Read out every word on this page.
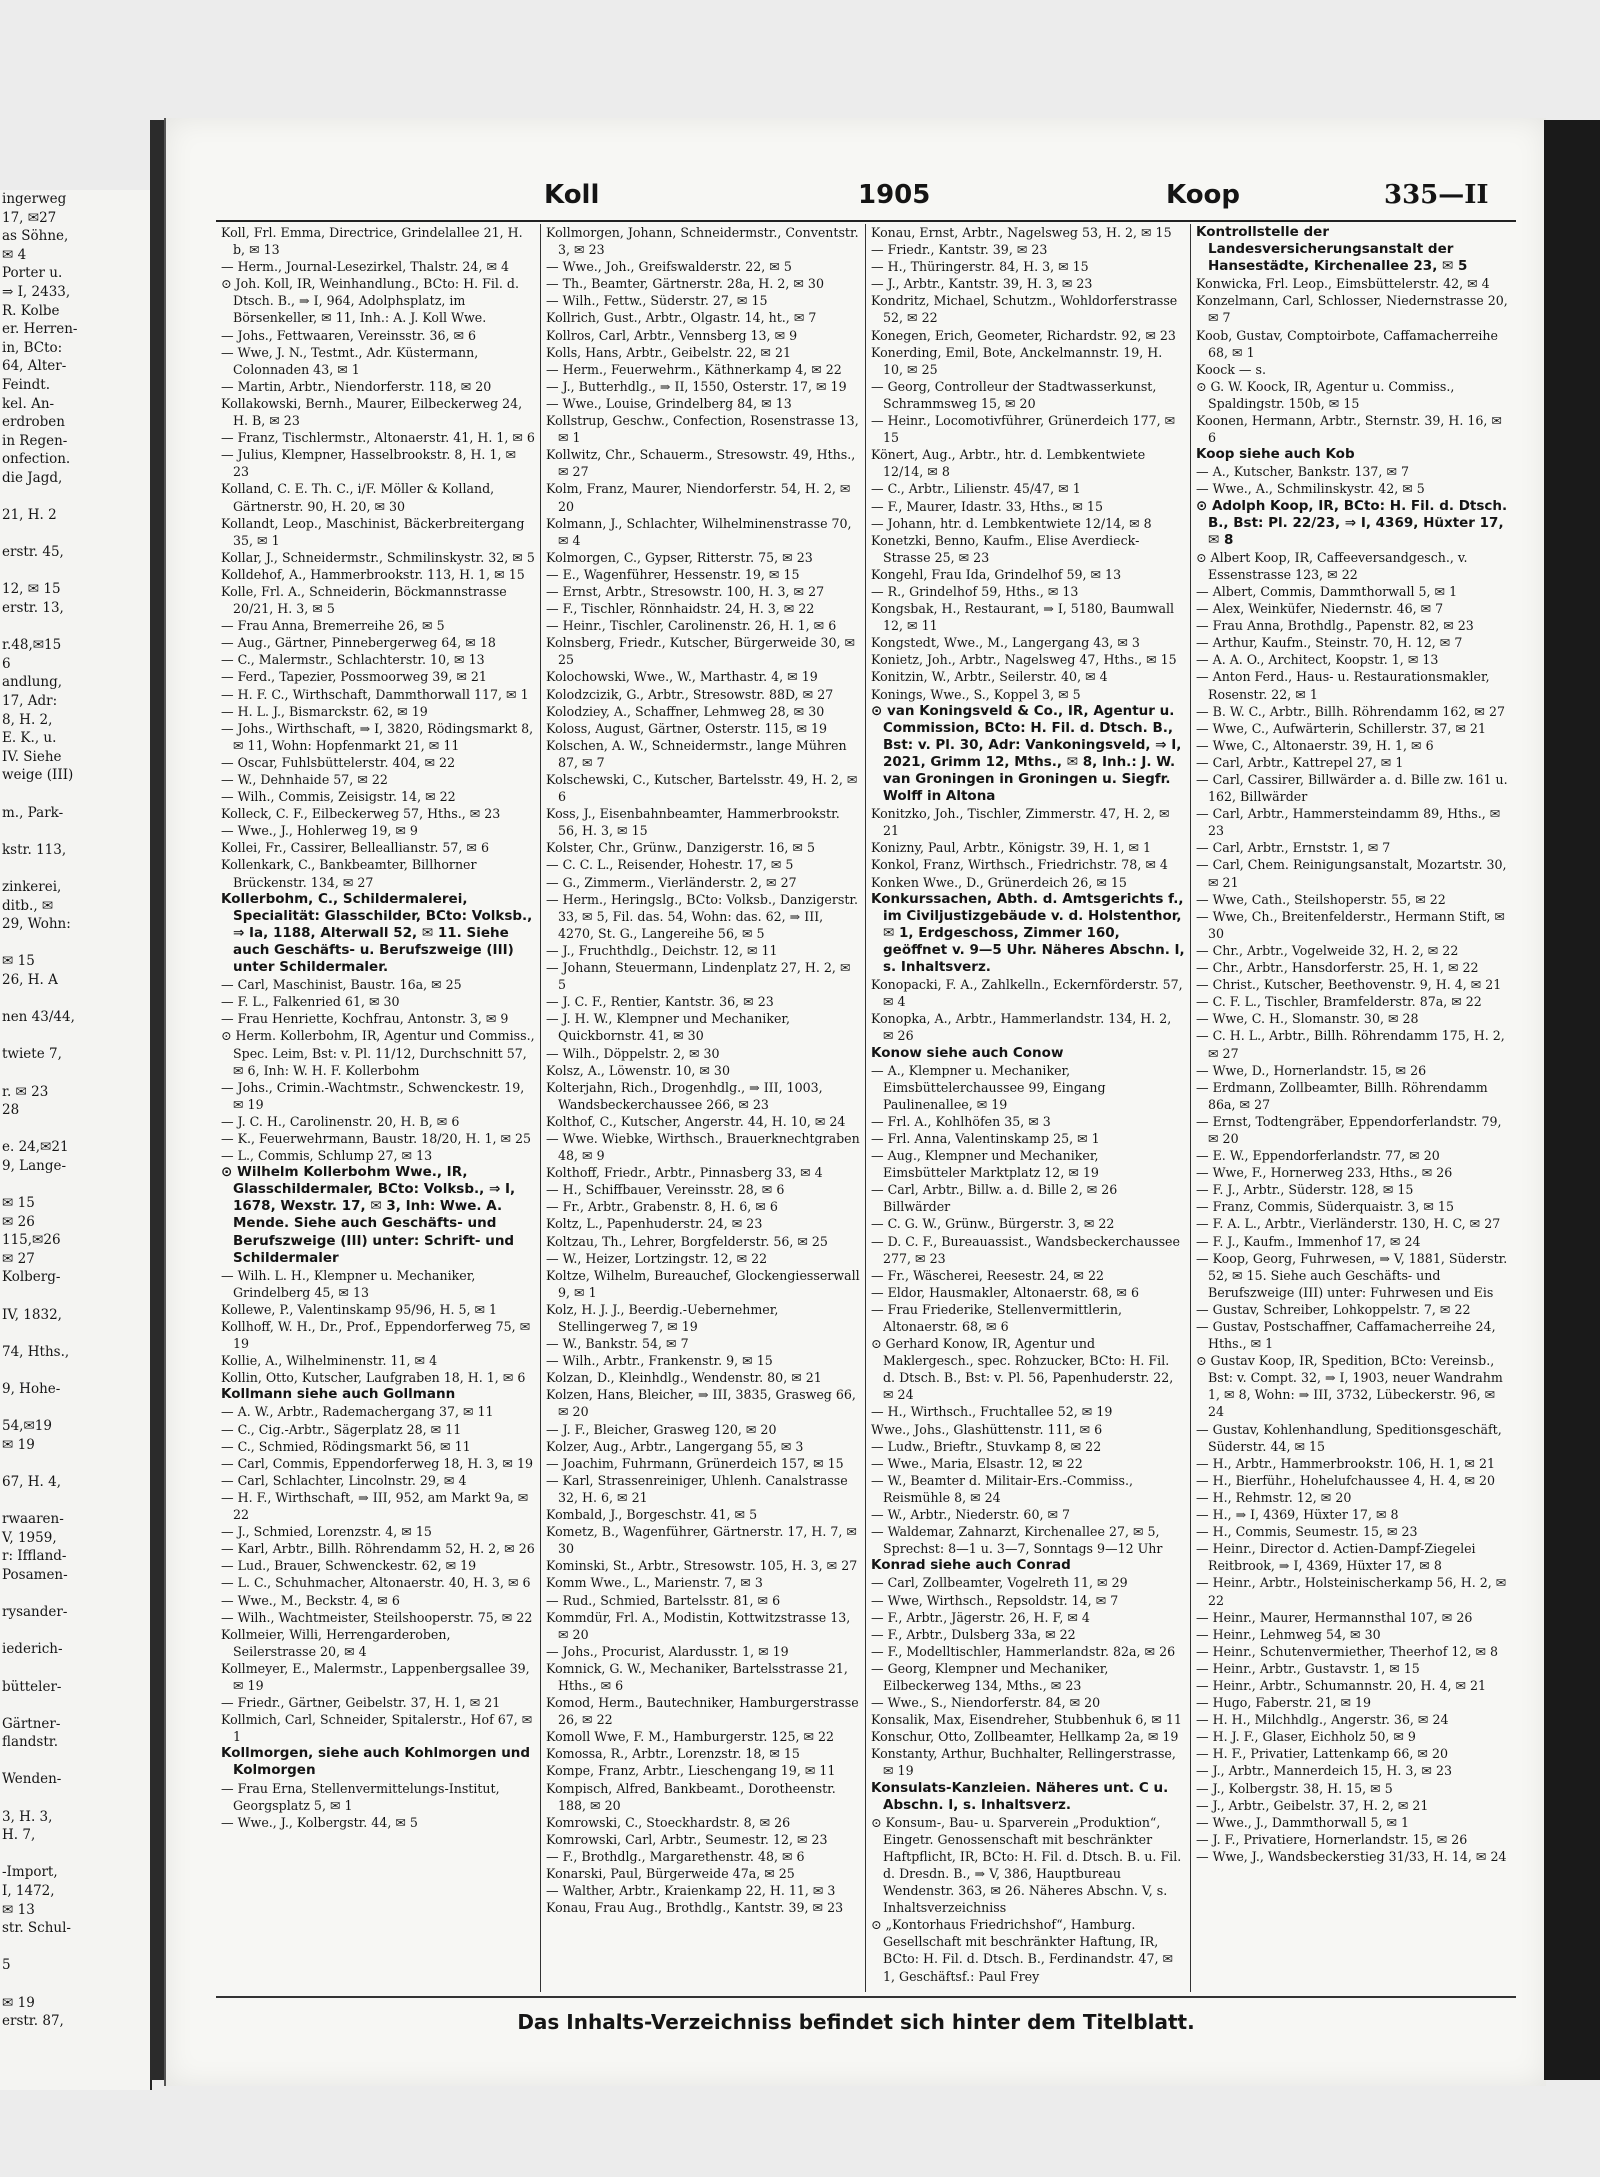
ingerweg
17, ✉27
as Söhne,
✉ 4
Porter u.
⇒ I, 2433,
R. Kolbe
er. Herren-
in, BCto:
64, Alter-
Feindt.
kel. An-
erdroben
in Regen-
onfection.
die Jagd,

21, H. 2

erstr. 45,

12, ✉ 15
erstr. 13,

r.48,✉15
6
andlung,
17, Adr:
8, H. 2,
E. K., u.
IV. Siehe
weige (III)

m., Park-

kstr. 113,

zinkerei,
ditb., ✉
29, Wohn:

✉ 15
26, H. A

nen 43/44,

twiete 7,

r. ✉ 23
28

e. 24,✉21
9, Lange-

✉ 15
✉ 26
115,✉26
✉ 27
Kolberg-

IV, 1832,

74, Hths.,

9, Hohe-

54,✉19
✉ 19

67, H. 4,

rwaaren-
V, 1959,
r: Iffland-
Posamen-

rysander-

iederich-

bütteler-

Gärtner-
flandstr.

Wenden-

3, H. 3,
H. 7,

-Import,
I, 1472,
✉ 13
str. Schul-

5

✉ 19
erstr. 87,
Koll	1905	Koop	335—II

Koll, Frl. Emma, Directrice, Grindelallee 21, H. b, ✉ 13

— Herm., Journal-Lesezirkel, Thalstr. 24, ✉ 4

⊙ Joh. Koll, IR, Weinhandlung., BCto: H. Fil. d. Dtsch. B., ⇒ I, 964, Adolphsplatz, im Börsenkeller, ✉ 11, Inh.: A. J. Koll Wwe.

— Johs., Fettwaaren, Vereinsstr. 36, ✉ 6

— Wwe, J. N., Testmt., Adr. Küstermann, Colonnaden 43, ✉ 1

— Martin, Arbtr., Niendorferstr. 118, ✉ 20

Kollakowski, Bernh., Maurer, Eilbeckerweg 24, H. B, ✉ 23

— Franz, Tischlermstr., Altonaerstr. 41, H. 1, ✉ 6

— Julius, Klempner, Hasselbrookstr. 8, H. 1, ✉ 23

Kolland, C. E. Th. C., i/F. Möller & Kolland, Gärtnerstr. 90, H. 20, ✉ 30

Kollandt, Leop., Maschinist, Bäckerbreitergang 35, ✉ 1

Kollar, J., Schneidermstr., Schmilinskystr. 32, ✉ 5

Kolldehof, A., Hammerbrookstr. 113, H. 1, ✉ 15

Kolle, Frl. A., Schneiderin, Böckmannstrasse 20/21, H. 3, ✉ 5

— Frau Anna, Bremerreihe 26, ✉ 5

— Aug., Gärtner, Pinnebergerweg 64, ✉ 18

— C., Malermstr., Schlachterstr. 10, ✉ 13

— Ferd., Tapezier, Possmoorweg 39, ✉ 21

— H. F. C., Wirthschaft, Dammthorwall 117, ✉ 1

— H. L. J., Bismarckstr. 62, ✉ 19

— Johs., Wirthschaft, ⇒ I, 3820, Rödingsmarkt 8, ✉ 11, Wohn: Hopfenmarkt 21, ✉ 11

— Oscar, Fuhlsbüttelerstr. 404, ✉ 22

— W., Dehnhaide 57, ✉ 22

— Wilh., Commis, Zeisigstr. 14, ✉ 22

Kolleck, C. F., Eilbeckerweg 57, Hths., ✉ 23

— Wwe., J., Hohlerweg 19, ✉ 9

Kollei, Fr., Cassirer, Belleallianstr. 57, ✉ 6

Kollenkark, C., Bankbeamter, Billhorner Brückenstr. 134, ✉ 27

Kollerbohm, C., Schildermalerei, Specialität: Glasschilder, BCto: Volksb., ⇒ Ia, 1188, Alterwall 52, ✉ 11. Siehe auch Geschäfts- u. Berufszweige (III) unter Schildermaler.

— Carl, Maschinist, Baustr. 16a, ✉ 25

— F. L., Falkenried 61, ✉ 30

— Frau Henriette, Kochfrau, Antonstr. 3, ✉ 9

⊙ Herm. Kollerbohm, IR, Agentur und Commiss., Spec. Leim, Bst: v. Pl. 11/12, Durchschnitt 57, ✉ 6, Inh: W. H. F. Kollerbohm

— Johs., Crimin.-Wachtmstr., Schwenckestr. 19, ✉ 19

— J. C. H., Carolinenstr. 20, H. B, ✉ 6

— K., Feuerwehrmann, Baustr. 18/20, H. 1, ✉ 25

— L., Commis, Schlump 27, ✉ 13

⊙ Wilhelm Kollerbohm Wwe., IR, Glasschildermaler, BCto: Volksb., ⇒ I, 1678, Wexstr. 17, ✉ 3, Inh: Wwe. A. Mende. Siehe auch Geschäfts- und Berufszweige (III) unter: Schrift- und Schildermaler

— Wilh. L. H., Klempner u. Mechaniker, Grindelberg 45, ✉ 13

Kollewe, P., Valentinskamp 95/96, H. 5, ✉ 1

Kollhoff, W. H., Dr., Prof., Eppendorferweg 75, ✉ 19

Kollie, A., Wilhelminenstr. 11, ✉ 4

Kollin, Otto, Kutscher, Laufgraben 18, H. 1, ✉ 6

Kollmann siehe auch Gollmann

— A. W., Arbtr., Rademachergang 37, ✉ 11

— C., Cig.-Arbtr., Sägerplatz 28, ✉ 11

— C., Schmied, Rödingsmarkt 56, ✉ 11

— Carl, Commis, Eppendorferweg 18, H. 3, ✉ 19

— Carl, Schlachter, Lincolnstr. 29, ✉ 4

— H. F., Wirthschaft, ⇒ III, 952, am Markt 9a, ✉ 22

— J., Schmied, Lorenzstr. 4, ✉ 15

— Karl, Arbtr., Billh. Röhrendamm 52, H. 2, ✉ 26

— Lud., Brauer, Schwenckestr. 62, ✉ 19

— L. C., Schuhmacher, Altonaerstr. 40, H. 3, ✉ 6

— Wwe., M., Beckstr. 4, ✉ 6

— Wilh., Wachtmeister, Steilshooperstr. 75, ✉ 22

Kollmeier, Willi, Herrengarderoben, Seilerstrasse 20, ✉ 4

Kollmeyer, E., Malermstr., Lappenbergsallee 39, ✉ 19

— Friedr., Gärtner, Geibelstr. 37, H. 1, ✉ 21

Kollmich, Carl, Schneider, Spitalerstr., Hof 67, ✉ 1

Kollmorgen, siehe auch Kohlmorgen und Kolmorgen

— Frau Erna, Stellenvermittelungs-Institut, Georgsplatz 5, ✉ 1

— Wwe., J., Kolbergstr. 44, ✉ 5

Kollmorgen, Johann, Schneidermstr., Conventstr. 3, ✉ 23

— Wwe., Joh., Greifswalderstr. 22, ✉ 5

— Th., Beamter, Gärtnerstr. 28a, H. 2, ✉ 30

— Wilh., Fettw., Süderstr. 27, ✉ 15

Kollrich, Gust., Arbtr., Olgastr. 14, ht., ✉ 7

Kollros, Carl, Arbtr., Vennsberg 13, ✉ 9

Kolls, Hans, Arbtr., Geibelstr. 22, ✉ 21

— Herm., Feuerwehrm., Käthnerkamp 4, ✉ 22

— J., Butterhdlg., ⇒ II, 1550, Osterstr. 17, ✉ 19

— Wwe., Louise, Grindelberg 84, ✉ 13

Kollstrup, Geschw., Confection, Rosenstrasse 13, ✉ 1

Kollwitz, Chr., Schauerm., Stresowstr. 49, Hths., ✉ 27

Kolm, Franz, Maurer, Niendorferstr. 54, H. 2, ✉ 20

Kolmann, J., Schlachter, Wilhelminenstrasse 70, ✉ 4

Kolmorgen, C., Gypser, Ritterstr. 75, ✉ 23

— E., Wagenführer, Hessenstr. 19, ✉ 15

— Ernst, Arbtr., Stresowstr. 100, H. 3, ✉ 27

— F., Tischler, Rönnhaidstr. 24, H. 3, ✉ 22

— Heinr., Tischler, Carolinenstr. 26, H. 1, ✉ 6

Kolnsberg, Friedr., Kutscher, Bürgerweide 30, ✉ 25

Kolochowski, Wwe., W., Marthastr. 4, ✉ 19

Kolodzcizik, G., Arbtr., Stresowstr. 88D, ✉ 27

Kolodziey, A., Schaffner, Lehmweg 28, ✉ 30

Koloss, August, Gärtner, Osterstr. 115, ✉ 19

Kolschen, A. W., Schneidermstr., lange Mühren 87, ✉ 7

Kolschewski, C., Kutscher, Bartelsstr. 49, H. 2, ✉ 6

Koss, J., Eisenbahnbeamter, Hammerbrookstr. 56, H. 3, ✉ 15

Kolster, Chr., Grünw., Danzigerstr. 16, ✉ 5

— C. C. L., Reisender, Hohestr. 17, ✉ 5

— G., Zimmerm., Vierländerstr. 2, ✉ 27

— Herm., Heringslg., BCto: Volksb., Danzigerstr. 33, ✉ 5, Fil. das. 54, Wohn: das. 62, ⇒ III, 4270, St. G., Langereihe 56, ✉ 5

— J., Fruchthdlg., Deichstr. 12, ✉ 11

— Johann, Steuermann, Lindenplatz 27, H. 2, ✉ 5

— J. C. F., Rentier, Kantstr. 36, ✉ 23

— J. H. W., Klempner und Mechaniker, Quickbornstr. 41, ✉ 30

— Wilh., Döppelstr. 2, ✉ 30

Kolsz, A., Löwenstr. 10, ✉ 30

Kolterjahn, Rich., Drogenhdlg., ⇒ III, 1003, Wandsbeckerchaussee 266, ✉ 23

Kolthof, C., Kutscher, Angerstr. 44, H. 10, ✉ 24

— Wwe. Wiebke, Wirthsch., Brauerknechtgraben 48, ✉ 9

Kolthoff, Friedr., Arbtr., Pinnasberg 33, ✉ 4

— H., Schiffbauer, Vereinsstr. 28, ✉ 6

— Fr., Arbtr., Grabenstr. 8, H. 6, ✉ 6

Koltz, L., Papenhuderstr. 24, ✉ 23

Koltzau, Th., Lehrer, Borgfelderstr. 56, ✉ 25

— W., Heizer, Lortzingstr. 12, ✉ 22

Koltze, Wilhelm, Bureauchef, Glockengiesserwall 9, ✉ 1

Kolz, H. J. J., Beerdig.-Uebernehmer, Stellingerweg 7, ✉ 19

— W., Bankstr. 54, ✉ 7

— Wilh., Arbtr., Frankenstr. 9, ✉ 15

Kolzan, D., Kleinhdlg., Wendenstr. 80, ✉ 21

Kolzen, Hans, Bleicher, ⇒ III, 3835, Grasweg 66, ✉ 20

— J. F., Bleicher, Grasweg 120, ✉ 20

Kolzer, Aug., Arbtr., Langergang 55, ✉ 3

— Joachim, Fuhrmann, Grünerdeich 157, ✉ 15

— Karl, Strassenreiniger, Uhlenh. Canalstrasse 32, H. 6, ✉ 21

Kombald, J., Borgeschstr. 41, ✉ 5

Kometz, B., Wagenführer, Gärtnerstr. 17, H. 7, ✉ 30

Kominski, St., Arbtr., Stresowstr. 105, H. 3, ✉ 27

Komm Wwe., L., Marienstr. 7, ✉ 3

— Rud., Schmied, Bartelsstr. 81, ✉ 6

Kommdür, Frl. A., Modistin, Kottwitzstrasse 13, ✉ 20

— Johs., Procurist, Alardusstr. 1, ✉ 19

Komnick, G. W., Mechaniker, Bartelsstrasse 21, Hths., ✉ 6

Komod, Herm., Bautechniker, Hamburgerstrasse 26, ✉ 22

Komoll Wwe, F. M., Hamburgerstr. 125, ✉ 22

Komossa, R., Arbtr., Lorenzstr. 18, ✉ 15

Kompe, Franz, Arbtr., Lieschengang 19, ✉ 11

Kompisch, Alfred, Bankbeamt., Dorotheenstr. 188, ✉ 20

Komrowski, C., Stoeckhardstr. 8, ✉ 26

Komrowski, Carl, Arbtr., Seumestr. 12, ✉ 23

— F., Brothdlg., Margarethenstr. 48, ✉ 6

Konarski, Paul, Bürgerweide 47a, ✉ 25

— Walther, Arbtr., Kraienkamp 22, H. 11, ✉ 3

Konau, Frau Aug., Brothdlg., Kantstr. 39, ✉ 23

Konau, Ernst, Arbtr., Nagelsweg 53, H. 2, ✉ 15

— Friedr., Kantstr. 39, ✉ 23

— H., Thüringerstr. 84, H. 3, ✉ 15

— J., Arbtr., Kantstr. 39, H. 3, ✉ 23

Kondritz, Michael, Schutzm., Wohldorferstrasse 52, ✉ 22

Konegen, Erich, Geometer, Richardstr. 92, ✉ 23

Konerding, Emil, Bote, Anckelmannstr. 19, H. 10, ✉ 25

— Georg, Controlleur der Stadtwasserkunst, Schrammsweg 15, ✉ 20

— Heinr., Locomotivführer, Grünerdeich 177, ✉ 15

Könert, Aug., Arbtr., htr. d. Lembkentwiete 12/14, ✉ 8

— C., Arbtr., Lilienstr. 45/47, ✉ 1

— F., Maurer, Idastr. 33, Hths., ✉ 15

— Johann, htr. d. Lembkentwiete 12/14, ✉ 8

Konetzki, Benno, Kaufm., Elise Averdieck-Strasse 25, ✉ 23

Kongehl, Frau Ida, Grindelhof 59, ✉ 13

— R., Grindelhof 59, Hths., ✉ 13

Kongsbak, H., Restaurant, ⇒ I, 5180, Baumwall 12, ✉ 11

Kongstedt, Wwe., M., Langergang 43, ✉ 3

Konietz, Joh., Arbtr., Nagelsweg 47, Hths., ✉ 15

Konitzin, W., Arbtr., Seilerstr. 40, ✉ 4

Konings, Wwe., S., Koppel 3, ✉ 5

⊙ van Koningsveld & Co., IR, Agentur u. Commission, BCto: H. Fil. d. Dtsch. B., Bst: v. Pl. 30, Adr: Vankoningsveld, ⇒ I, 2021, Grimm 12, Mths., ✉ 8, Inh.: J. W. van Groningen in Groningen u. Siegfr. Wolff in Altona

Konitzko, Joh., Tischler, Zimmerstr. 47, H. 2, ✉ 21

Konizny, Paul, Arbtr., Königstr. 39, H. 1, ✉ 1

Konkol, Franz, Wirthsch., Friedrichstr. 78, ✉ 4

Konken Wwe., D., Grünerdeich 26, ✉ 15

Konkurssachen, Abth. d. Amtsgerichts f., im Civiljustizgebäude v. d. Holstenthor, ✉ 1, Erdgeschoss, Zimmer 160, geöffnet v. 9—5 Uhr. Näheres Abschn. I, s. Inhaltsverz.

Konopacki, F. A., Zahlkelln., Eckernförderstr. 57, ✉ 4

Konopka, A., Arbtr., Hammerlandstr. 134, H. 2, ✉ 26

Konow siehe auch Conow

— A., Klempner u. Mechaniker, Eimsbüttelerchaussee 99, Eingang Paulinenallee, ✉ 19

— Frl. A., Kohlhöfen 35, ✉ 3

— Frl. Anna, Valentinskamp 25, ✉ 1

— Aug., Klempner und Mechaniker, Eimsbütteler Marktplatz 12, ✉ 19

— Carl, Arbtr., Billw. a. d. Bille 2, ✉ 26 Billwärder

— C. G. W., Grünw., Bürgerstr. 3, ✉ 22

— D. C. F., Bureauassist., Wandsbeckerchaussee 277, ✉ 23

— Fr., Wäscherei, Reesestr. 24, ✉ 22

— Eldor, Hausmakler, Altonaerstr. 68, ✉ 6

— Frau Friederike, Stellenvermittlerin, Altonaerstr. 68, ✉ 6

⊙ Gerhard Konow, IR, Agentur und Maklergesch., spec. Rohzucker, BCto: H. Fil. d. Dtsch. B., Bst: v. Pl. 56, Papenhuderstr. 22, ✉ 24

— H., Wirthsch., Fruchtallee 52, ✉ 19

Wwe., Johs., Glashüttenstr. 111, ✉ 6

— Ludw., Brieftr., Stuvkamp 8, ✉ 22

— Wwe., Maria, Elsastr. 12, ✉ 22

— W., Beamter d. Militair-Ers.-Commiss., Reismühle 8, ✉ 24

— W., Arbtr., Niederstr. 60, ✉ 7

— Waldemar, Zahnarzt, Kirchenallee 27, ✉ 5, Sprechst: 8—1 u. 3—7, Sonntags 9—12 Uhr

Konrad siehe auch Conrad

— Carl, Zollbeamter, Vogelreth 11, ✉ 29

— Wwe, Wirthsch., Repsoldstr. 14, ✉ 7

— F., Arbtr., Jägerstr. 26, H. F, ✉ 4

— F., Arbtr., Dulsberg 33a, ✉ 22

— F., Modelltischler, Hammerlandstr. 82a, ✉ 26

— Georg, Klempner und Mechaniker, Eilbeckerweg 134, Mths., ✉ 23

— Wwe., S., Niendorferstr. 84, ✉ 20

Konsalik, Max, Eisendreher, Stubbenhuk 6, ✉ 11

Konschur, Otto, Zollbeamter, Hellkamp 2a, ✉ 19

Konstanty, Arthur, Buchhalter, Rellingerstrasse, ✉ 19

Konsulats-Kanzleien. Näheres unt. C u. Abschn. I, s. Inhaltsverz.

⊙ Konsum-, Bau- u. Sparverein „Produktion“, Eingetr. Genossenschaft mit beschränkter Haftpflicht, IR, BCto: H. Fil. d. Dtsch. B. u. Fil. d. Dresdn. B., ⇒ V, 386, Hauptbureau Wendenstr. 363, ✉ 26. Näheres Abschn. V, s. Inhaltsverzeichniss

⊙ „Kontorhaus Friedrichshof“, Hamburg. Gesellschaft mit beschränkter Haftung, IR, BCto: H. Fil. d. Dtsch. B., Ferdinandstr. 47, ✉ 1, Geschäftsf.: Paul Frey

Kontrollstelle der Landesversicherungsanstalt der Hansestädte, Kirchenallee 23, ✉ 5

Konwicka, Frl. Leop., Eimsbüttelerstr. 42, ✉ 4

Konzelmann, Carl, Schlosser, Niedernstrasse 20, ✉ 7

Koob, Gustav, Comptoirbote, Caffamacherreihe 68, ✉ 1

Koock — s.

⊙ G. W. Koock, IR, Agentur u. Commiss., Spaldingstr. 150b, ✉ 15

Koonen, Hermann, Arbtr., Sternstr. 39, H. 16, ✉ 6

Koop siehe auch Kob

— A., Kutscher, Bankstr. 137, ✉ 7

— Wwe., A., Schmilinskystr. 42, ✉ 5

⊙ Adolph Koop, IR, BCto: H. Fil. d. Dtsch. B., Bst: Pl. 22/23, ⇒ I, 4369, Hüxter 17, ✉ 8

⊙ Albert Koop, IR, Caffeeversandgesch., v. Essenstrasse 123, ✉ 22

— Albert, Commis, Dammthorwall 5, ✉ 1

— Alex, Weinküfer, Niedernstr. 46, ✉ 7

— Frau Anna, Brothdlg., Papenstr. 82, ✉ 23

— Arthur, Kaufm., Steinstr. 70, H. 12, ✉ 7

— A. A. O., Architect, Koopstr. 1, ✉ 13

— Anton Ferd., Haus- u. Restaurationsmakler, Rosenstr. 22, ✉ 1

— B. W. C., Arbtr., Billh. Röhrendamm 162, ✉ 27

— Wwe, C., Aufwärterin, Schillerstr. 37, ✉ 21

— Wwe, C., Altonaerstr. 39, H. 1, ✉ 6

— Carl, Arbtr., Kattrepel 27, ✉ 1

— Carl, Cassirer, Billwärder a. d. Bille zw. 161 u. 162, Billwärder

— Carl, Arbtr., Hammersteindamm 89, Hths., ✉ 23

— Carl, Arbtr., Ernststr. 1, ✉ 7

— Carl, Chem. Reinigungsanstalt, Mozartstr. 30, ✉ 21

— Wwe, Cath., Steilshoperstr. 55, ✉ 22

— Wwe, Ch., Breitenfelderstr., Hermann Stift, ✉ 30

— Chr., Arbtr., Vogelweide 32, H. 2, ✉ 22

— Chr., Arbtr., Hansdorferstr. 25, H. 1, ✉ 22

— Christ., Kutscher, Beethovenstr. 9, H. 4, ✉ 21

— C. F. L., Tischler, Bramfelderstr. 87a, ✉ 22

— Wwe, C. H., Slomanstr. 30, ✉ 28

— C. H. L., Arbtr., Billh. Röhrendamm 175, H. 2, ✉ 27

— Wwe, D., Hornerlandstr. 15, ✉ 26

— Erdmann, Zollbeamter, Billh. Röhrendamm 86a, ✉ 27

— Ernst, Todtengräber, Eppendorferlandstr. 79, ✉ 20

— E. W., Eppendorferlandstr. 77, ✉ 20

— Wwe, F., Hornerweg 233, Hths., ✉ 26

— F. J., Arbtr., Süderstr. 128, ✉ 15

— Franz, Commis, Süderquaistr. 3, ✉ 15

— F. A. L., Arbtr., Vierländerstr. 130, H. C, ✉ 27

— F. J., Kaufm., Immenhof 17, ✉ 24

— Koop, Georg, Fuhrwesen, ⇒ V, 1881, Süderstr. 52, ✉ 15. Siehe auch Geschäfts- und Berufszweige (III) unter: Fuhrwesen und Eis

— Gustav, Schreiber, Lohkoppelstr. 7, ✉ 22

— Gustav, Postschaffner, Caffamacherreihe 24, Hths., ✉ 1

⊙ Gustav Koop, IR, Spedition, BCto: Vereinsb., Bst: v. Compt. 32, ⇒ I, 1903, neuer Wandrahm 1, ✉ 8, Wohn: ⇒ III, 3732, Lübeckerstr. 96, ✉ 24

— Gustav, Kohlenhandlung, Speditionsgeschäft, Süderstr. 44, ✉ 15

— H., Arbtr., Hammerbrookstr. 106, H. 1, ✉ 21

— H., Bierführ., Hohelufchaussee 4, H. 4, ✉ 20

— H., Rehmstr. 12, ✉ 20

— H., ⇒ I, 4369, Hüxter 17, ✉ 8

— H., Commis, Seumestr. 15, ✉ 23

— Heinr., Director d. Actien-Dampf-Ziegelei Reitbrook, ⇒ I, 4369, Hüxter 17, ✉ 8

— Heinr., Arbtr., Holsteinischerkamp 56, H. 2, ✉ 22

— Heinr., Maurer, Hermannsthal 107, ✉ 26

— Heinr., Lehmweg 54, ✉ 30

— Heinr., Schutenvermiether, Theerhof 12, ✉ 8

— Heinr., Arbtr., Gustavstr. 1, ✉ 15

— Heinr., Arbtr., Schumannstr. 20, H. 4, ✉ 21

— Hugo, Faberstr. 21, ✉ 19

— H. H., Milchhdlg., Angerstr. 36, ✉ 24

— H. J. F., Glaser, Eichholz 50, ✉ 9

— H. F., Privatier, Lattenkamp 66, ✉ 20

— J., Arbtr., Mannerdeich 15, H. 3, ✉ 23

— J., Kolbergstr. 38, H. 15, ✉ 5

— J., Arbtr., Geibelstr. 37, H. 2, ✉ 21

— Wwe., J., Dammthorwall 5, ✉ 1

— J. F., Privatiere, Hornerlandstr. 15, ✉ 26

— Wwe, J., Wandsbeckerstieg 31/33, H. 14, ✉ 24

Das Inhalts-Verzeichniss befindet sich hinter dem Titelblatt.
